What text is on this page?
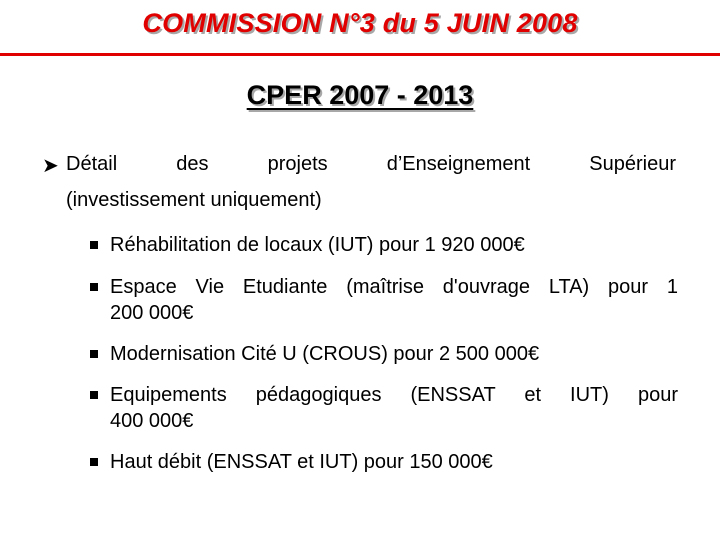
COMMISSION N°3 du 5 JUIN 2008
CPER 2007 - 2013
➤ Détail des projets d’Enseignement Supérieur
(investissement uniquement)
Réhabilitation de locaux (IUT) pour 1 920 000€
Espace Vie Etudiante (maîtrise d'ouvrage LTA) pour 1
200 000€
Modernisation Cité U (CROUS) pour 2 500 000€
Equipements pédagogiques (ENSSAT et IUT) pour
400 000€
Haut débit (ENSSAT et IUT) pour 150 000€
